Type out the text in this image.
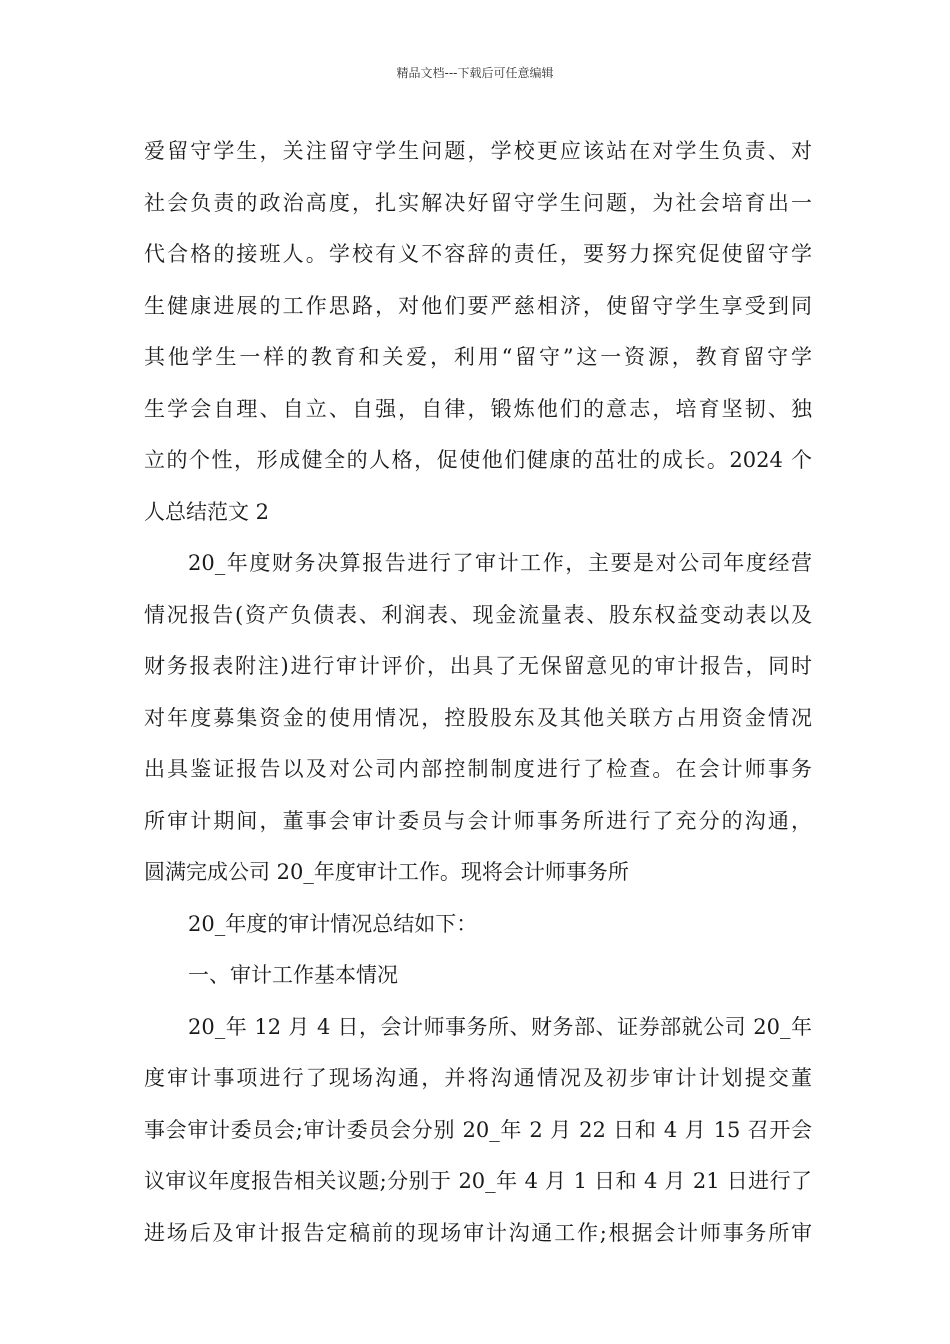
精品文档---下载后可任意编辑
爱留守学生，关注留守学生问题，学校更应该站在对学生负责、对
社会负责的政治高度，扎实解决好留守学生问题，为社会培育出一
代合格的接班人。学校有义不容辞的责任，要努力探究促使留守学
生健康进展的工作思路，对他们要严慈相济，使留守学生享受到同
其他学生一样的教育和关爱，利用“留守”这一资源，教育留守学
生学会自理、自立、自强，自律，锻炼他们的意志，培育坚韧、独
立的个性，形成健全的人格，促使他们健康的茁壮的成长。2024 个
人总结范文 2
20_年度财务决算报告进行了审计工作，主要是对公司年度经营
情况报告(资产负债表、利润表、现金流量表、股东权益变动表以及
财务报表附注)进行审计评价，出具了无保留意见的审计报告，同时
对年度募集资金的使用情况，控股股东及其他关联方占用资金情况
出具鉴证报告以及对公司内部控制制度进行了检查。在会计师事务
所审计期间，董事会审计委员与会计师事务所进行了充分的沟通，
圆满完成公司 20_年度审计工作。现将会计师事务所
20_年度的审计情况总结如下：
一、审计工作基本情况
20_年 12 月 4 日，会计师事务所、财务部、证券部就公司 20_年
度审计事项进行了现场沟通，并将沟通情况及初步审计计划提交董
事会审计委员会;审计委员会分别 20_年 2 月 22 日和 4 月 15 召开会
议审议年度报告相关议题;分别于 20_年 4 月 1 日和 4 月 21 日进行了
进场后及审计报告定稿前的现场审计沟通工作;根据会计师事务所审
